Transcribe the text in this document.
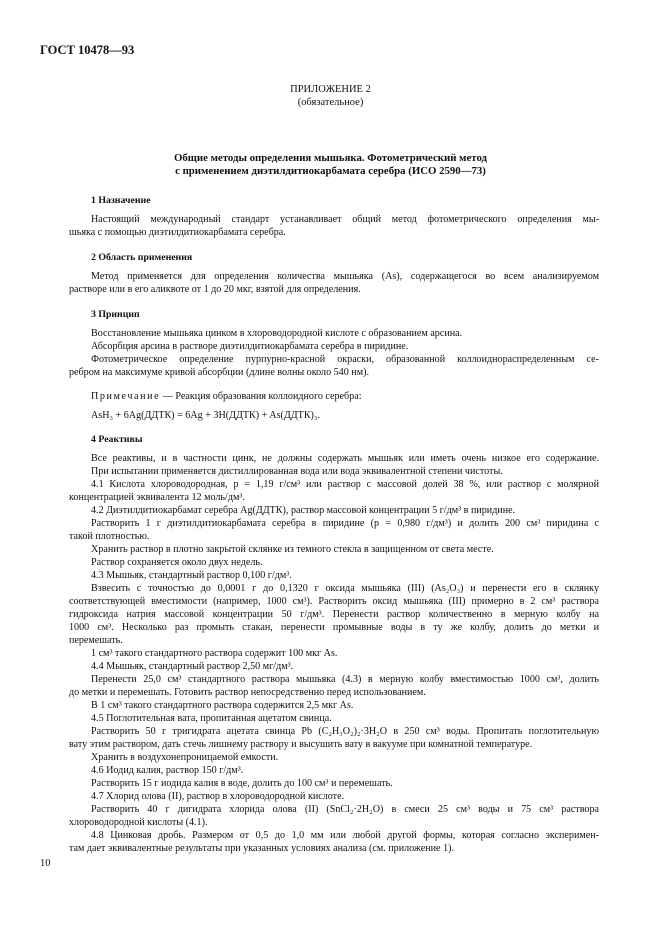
ГОСТ 10478—93
ПРИЛОЖЕНИЕ 2
(обязательное)
Общие методы определения мышьяка. Фотометрический метод
с применением диэтилдитиокарбамата серебра (ИСО 2590—73)
1 Назначение
Настоящий международный стандарт устанавливает общий метод фотометрического определения мы-
шьяка с помощью диэтилдитиокарбамата серебра.
2 Область применения
Метод применяется для определения количества мышьяка (As), содержащегося во всем анализируемом
растворе или в его аликвоте от 1 до 20 мкг, взятой для определения.
3 Принцип
Восстановление мышьяка цинком в хлороводородной кислоте с образованием арсина.
Абсорбция арсина в растворе диэтилдитиокарбамата серебра в пиридине.
Фотометрическое определение пурпурно-красной окраски, образованной коллоиднораспределенным се-
ребром на максимуме кривой абсорбции (длине волны около 540 нм).
Примечание — Реакция образования коллоидного серебра:
AsH₃ + 6Ag(ДДТК) = 6Ag + 3H(ДДТК) + As(ДДТК)₃.
4 Реактивы
Все реактивы, и в частности цинк, не должны содержать мышьяк или иметь очень низкое его содержание.
При испытании применяется дистиллированная вода или вода эквивалентной степени чистоты.
4.1 Кислота хлороводородная, p = 1,19 г/см³ или раствор с массовой долей 38 %, или раствор с молярной
концентрацией эквивалента 12 моль/дм³.
4.2 Диэтилдитиокарбамат серебра Ag(ДДТК), раствор массовой концентрации 5 г/дм³ в пиридине.
Растворить 1 г диэтилдитиокарбамата серебра в пиридине (p = 0,980 г/дм³) и долить 200 см³ пиридина с
такой плотностью.
Хранить раствор в плотно закрытой склянке из темного стекла в защищенном от света месте.
Раствор сохраняется около двух недель.
4.3 Мышьяк, стандартный раствор 0,100 г/дм³.
Взвесить с точностью до 0,0001 г до 0,1320 г оксида мышьяка (III) (As₂O₃) и перенести его в склянку
соответствующей вместимости (например, 1000 см³). Растворить оксид мышьяка (III) примерно в 2 см³ раствора
гидроксида натрия массовой концентрации 50 г/дм³. Перенести раствор количественно в мерную колбу на
1000 см³. Несколько раз промыть стакан, перенести промывные воды в ту же колбу, долить до метки и
перемешать.
1 см³ такого стандартного раствора содержит 100 мкг As.
4.4 Мышьяк, стандартный раствор 2,50 мг/дм³.
Перенести 25,0 см³ стандартного раствора мышьяка (4.3) в мерную колбу вместимостью 1000 см³, долить
до метки и перемешать. Готовить раствор непосредственно перед использованием.
В 1 см³ такого стандартного раствора содержится 2,5 мкг As.
4.5 Поглотительная вата, пропитанная ацетатом свинца.
Растворить 50 г тригидрата ацетата свинца Pb (C₂H₃O₂)₂·3H₂O в 250 см³ воды. Пропитать поглотительную
вату этим раствором, дать стечь лишнему раствору и высушить вату в вакууме при комнатной температуре.
Хранить в воздухонепроницаемой емкости.
4.6 Иодид калия, раствор 150 г/дм³.
Растворить 15 г иодида калия в воде, долить до 100 см³ и перемешать.
4.7 Хлорид олова (II), раствор в хлороводородной кислоте.
Растворить 40 г дигидрата хлорида олова (II) (SnCl₂·2H₂O) в смеси 25 см³ воды и 75 см³ раствора
хлороводородной кислоты (4.1).
4.8 Цинковая дробь. Размером от 0,5 до 1,0 мм или любой другой формы, которая согласно эксперимен-
там дает эквивалентные результаты при указанных условиях анализа (см. приложение 1).
10
